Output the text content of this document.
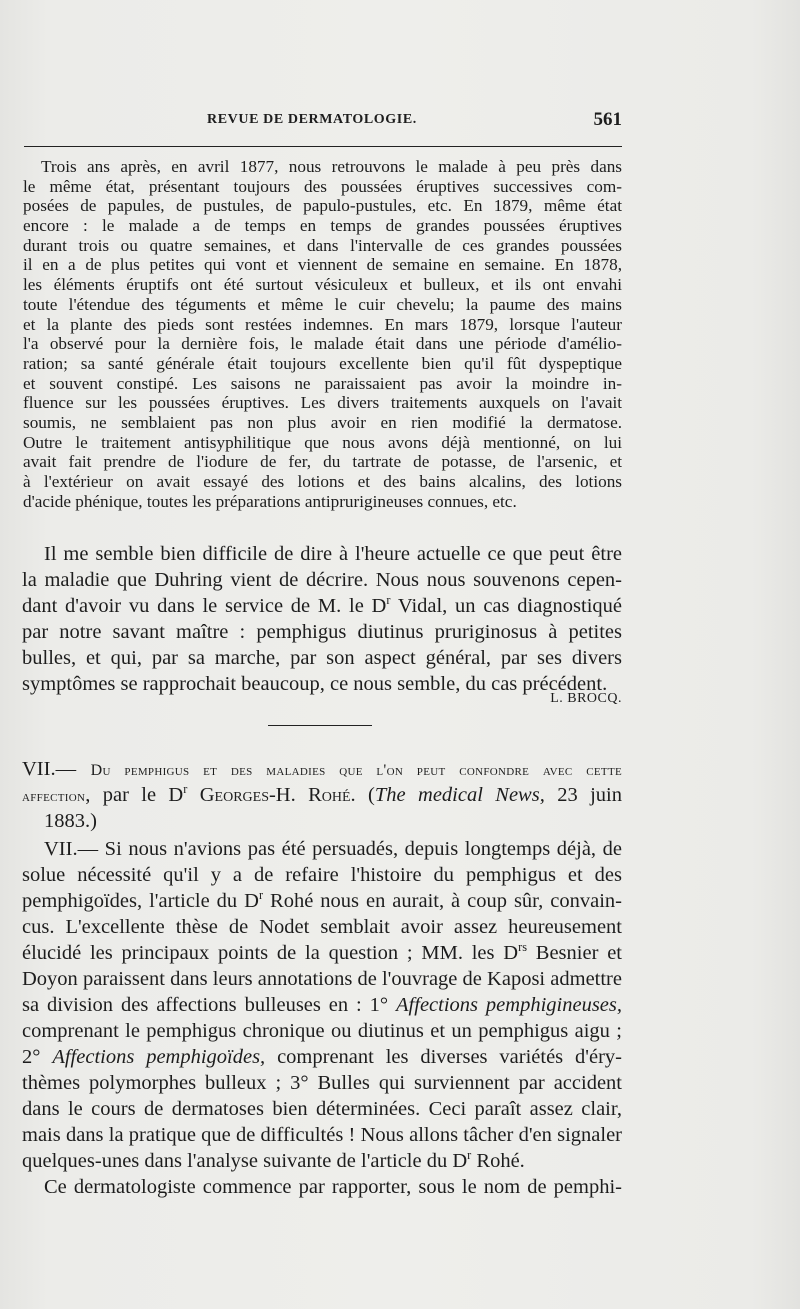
REVUE DE DERMATOLOGIE.	561
Trois ans après, en avril 1877, nous retrouvons le malade à peu près dans
le même état, présentant toujours des poussées éruptives successives com-
posées de papules, de pustules, de papulo-pustules, etc. En 1879, même état
encore : le malade a de temps en temps de grandes poussées éruptives
durant trois ou quatre semaines, et dans l'intervalle de ces grandes poussées
il en a de plus petites qui vont et viennent de semaine en semaine. En 1878,
les éléments éruptifs ont été surtout vésiculeux et bulleux, et ils ont envahi
toute l'étendue des téguments et même le cuir chevelu; la paume des mains
et la plante des pieds sont restées indemnes. En mars 1879, lorsque l'auteur
l'a observé pour la dernière fois, le malade était dans une période d'amélio-
ration; sa santé générale était toujours excellente bien qu'il fût dyspeptique
et souvent constipé. Les saisons ne paraissaient pas avoir la moindre in-
fluence sur les poussées éruptives. Les divers traitements auxquels on l'avait
soumis, ne semblaient pas non plus avoir en rien modifié la dermatose.
Outre le traitement antisyphilitique que nous avons déjà mentionné, on lui
avait fait prendre de l'iodure de fer, du tartrate de potasse, de l'arsenic, et
à l'extérieur on avait essayé des lotions et des bains alcalins, des lotions
d'acide phénique, toutes les préparations antiprurigineuses connues, etc.
Il me semble bien difficile de dire à l'heure actuelle ce que peut être
la maladie que Duhring vient de décrire. Nous nous souvenons cepen-
dant d'avoir vu dans le service de M. le $D^r$ Vidal, un cas diagnostiqué
par notre savant maître : pemphigus diutinus pruriginosus à petites
bulles, et qui, par sa marche, par son aspect général, par ses divers
symptômes se rapprochait beaucoup, ce nous semble, du cas précédent.
L. BROCQ.
VII.— Du pemphigus et des maladies que l'on peut confondre avec cette
affection, par le $D^r$ Georges-H. Rohé. (The medical News, 23 juin
1883.)
VII.— Si nous n'avions pas été persuadés, depuis longtemps déjà, de
solue nécessité qu'il y a de refaire l'histoire du pemphigus et des
pemphigoïdes, l'article du $D^r$ Rohé nous en aurait, à coup sûr, convain-
cus. L'excellente thèse de Nodet semblait avoir assez heureusement
élucidé les principaux points de la question ; MM. les $D^{rs}$ Besnier et
Doyon paraissent dans leurs annotations de l'ouvrage de Kaposi admettre
sa division des affections bulleuses en : 1° Affections pemphigineuses,
comprenant le pemphigus chronique ou diutinus et un pemphigus aigu ;
2° Affections pemphigoïdes, comprenant les diverses variétés d'éry-
thèmes polymorphes bulleux ; 3° Bulles qui surviennent par accident
dans le cours de dermatoses bien déterminées. Ceci paraît assez clair,
mais dans la pratique que de difficultés ! Nous allons tâcher d'en signaler
quelques-unes dans l'analyse suivante de l'article du $D^r$ Rohé.
Ce dermatologiste commence par rapporter, sous le nom de pemphi-
